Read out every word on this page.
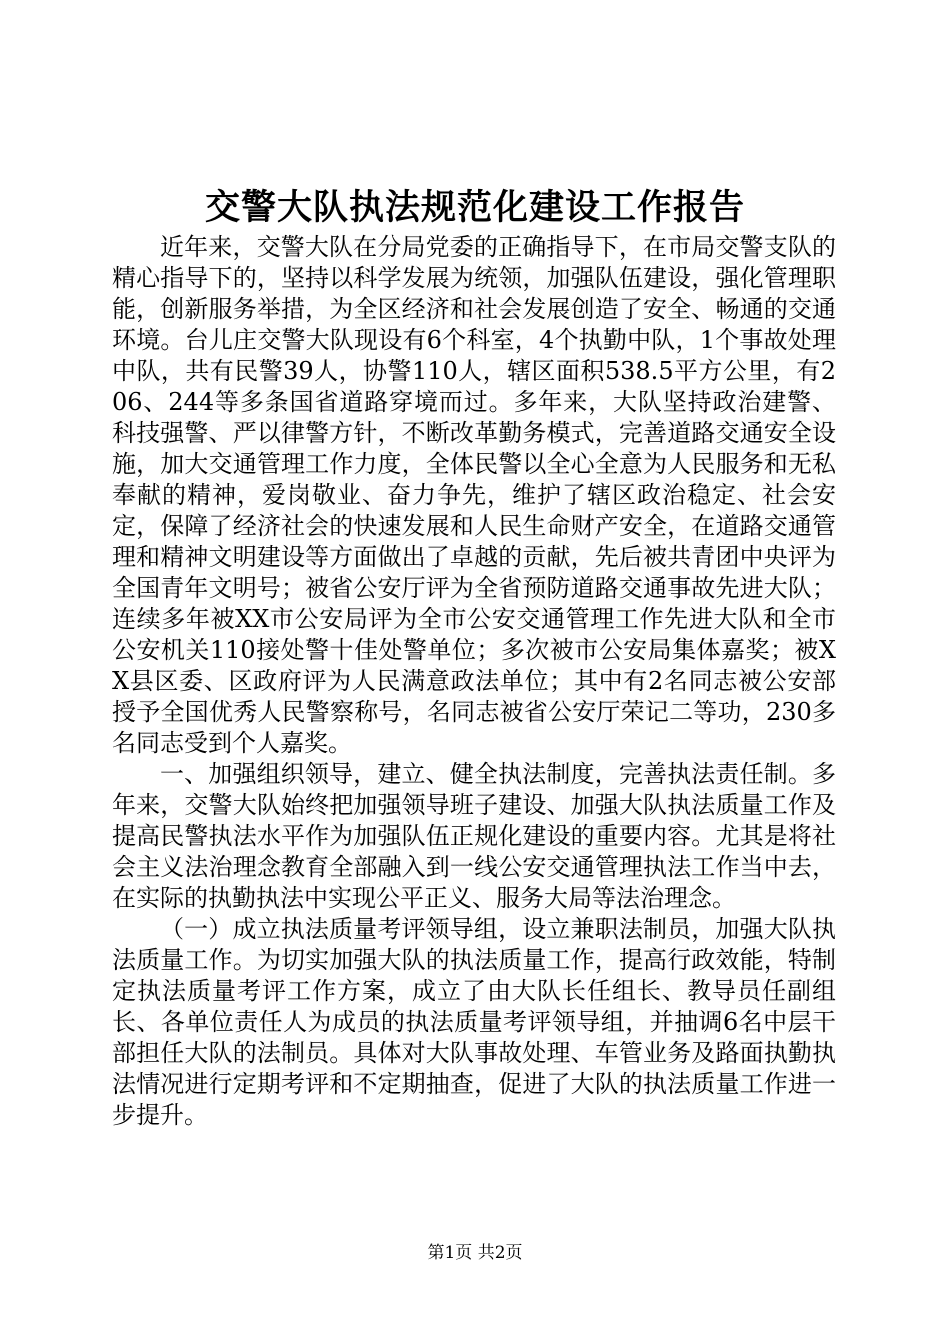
交警大队执法规范化建设工作报告

近年来，交警大队在分局党委的正确指导下，在市局交警支队的精心指导下的，坚持以科学发展为统领，加强队伍建设，强化管理职能，创新服务举措，为全区经济和社会发展创造了安全、畅通的交通环境。台儿庄交警大队现设有6个科室，4个执勤中队，1个事故处理中队，共有民警39人，协警110人，辖区面积538.5平方公里，有206、244等多条国省道路穿境而过。多年来，大队坚持政治建警、科技强警、严以律警方针，不断改革勤务模式，完善道路交通安全设施，加大交通管理工作力度，全体民警以全心全意为人民服务和无私奉献的精神，爱岗敬业、奋力争先，维护了辖区政治稳定、社会安定，保障了经济社会的快速发展和人民生命财产安全，在道路交通管理和精神文明建设等方面做出了卓越的贡献，先后被共青团中央评为全国青年文明号；被省公安厅评为全省预防道路交通事故先进大队；连续多年被XX市公安局评为全市公安交通管理工作先进大队和全市公安机关110接处警十佳处警单位；多次被市公安局集体嘉奖；被XX县区委、区政府评为人民满意政法单位；其中有2名同志被公安部授予全国优秀人民警察称号，名同志被省公安厅荣记二等功，230多名同志受到个人嘉奖。

一、加强组织领导，建立、健全执法制度，完善执法责任制。多年来，交警大队始终把加强领导班子建设、加强大队执法质量工作及提高民警执法水平作为加强队伍正规化建设的重要内容。尤其是将社会主义法治理念教育全部融入到一线公安交通管理执法工作当中去，在实际的执勤执法中实现公平正义、服务大局等法治理念。

（一）成立执法质量考评领导组，设立兼职法制员，加强大队执法质量工作。为切实加强大队的执法质量工作，提高行政效能，特制定执法质量考评工作方案，成立了由大队长任组长、教导员任副组长、各单位责任人为成员的执法质量考评领导组，并抽调6名中层干部担任大队的法制员。具体对大队事故处理、车管业务及路面执勤执法情况进行定期考评和不定期抽查，促进了大队的执法质量工作进一步提升。

第1页 共2页
